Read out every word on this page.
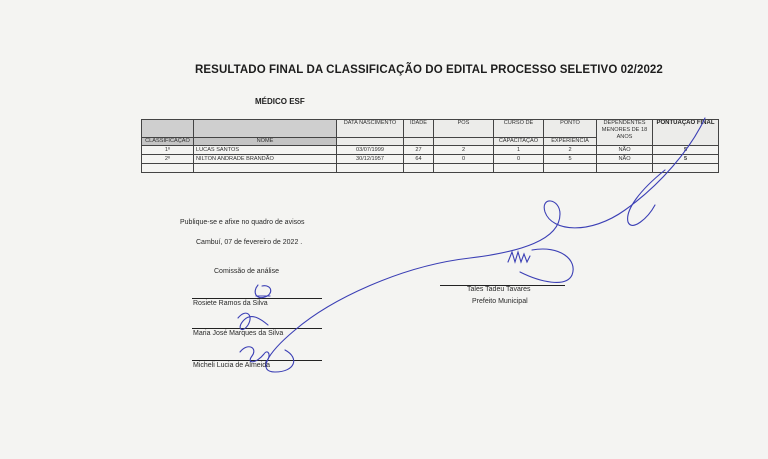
RESULTADO FINAL DA CLASSIFICAÇÃO DO EDITAL PROCESSO SELETIVO 02/2022
MÉDICO ESF
		DATA NASCIMENTO	IDADE	PÓS	CURSO DE	PONTO	DEPENDENTES MENORES DE 18 ANOS	PONTUAÇÃO FINAL
CLASSIFICAÇÃO	NOME				CAPACITAÇÃO	EXPERIÊNCIA		
1º	LUCAS SANTOS	03/07/1999	27	2	1	2	NÃO	5
2º	NILTON ANDRADE BRANDÃO	30/12/1957	64	0	0	5	NÃO	5

Publique-se e afixe no quadro de avisos
Cambuí, 07 de fevereiro de 2022 .
Comissão de análise
Rosiete Ramos da Silva
Maria José Marques da Silva
Micheli Lucia de Almeida
Tales Tadeu Tavares
Prefeito Municipal
